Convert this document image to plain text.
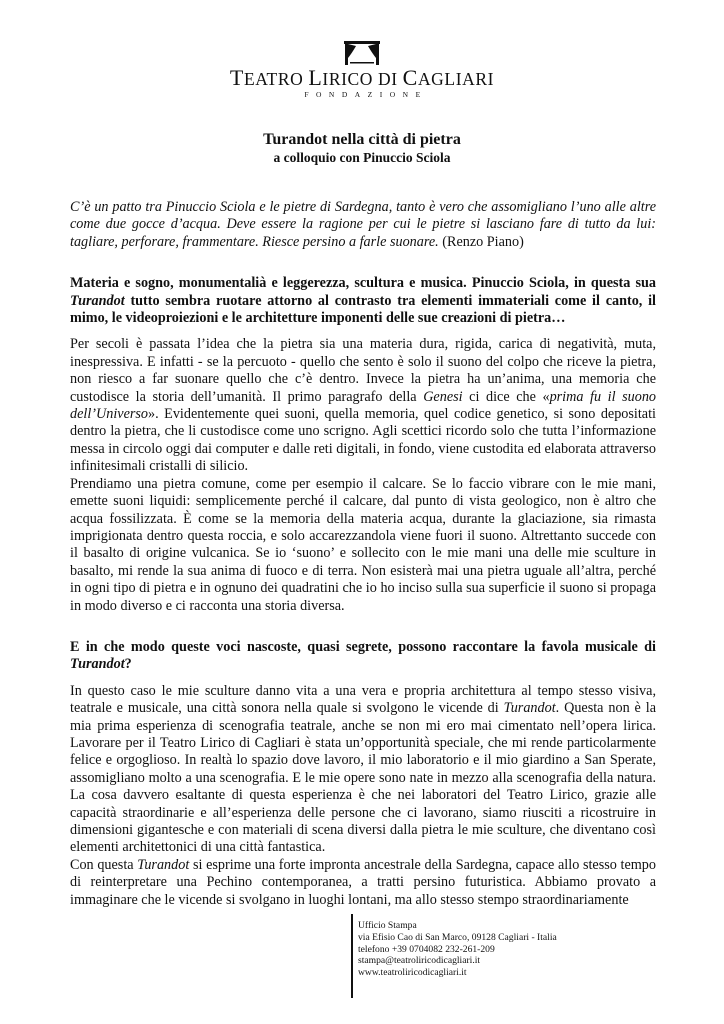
TEATRO LIRICO DI CAGLIARI
FONDAZIONE
Turandot nella città di pietra
a colloquio con Pinuccio Sciola

C’è un patto tra Pinuccio Sciola e le pietre di Sardegna, tanto è vero che assomigliano l’uno alle altre come due gocce d’acqua. Deve essere la ragione per cui le pietre si lasciano fare di tutto da lui: tagliare, perforare, frammentare. Riesce persino a farle suonare. (Renzo Piano)

Materia e sogno, monumentalià e leggerezza, scultura e musica. Pinuccio Sciola, in questa sua Turandot tutto sembra ruotare attorno al contrasto tra elementi immateriali come il canto, il mimo, le videoproiezioni e le architetture imponenti delle sue creazioni di pietra…

Per secoli è passata l’idea che la pietra sia una materia dura, rigida, carica di negatività, muta, inespressiva. E infatti - se la percuoto - quello che sento è solo il suono del colpo che riceve la pietra, non riesco a far suonare quello che c’è dentro. Invece la pietra ha un’anima, una memoria che custodisce la storia dell’umanità. Il primo paragrafo della Genesi ci dice che «prima fu il suono dell’Universo». Evidentemente quei suoni, quella memoria, quel codice genetico, si sono depositati dentro la pietra, che li custodisce come uno scrigno. Agli scettici ricordo solo che tutta l’informazione messa in circolo oggi dai computer e dalle reti digitali, in fondo, viene custodita ed elaborata attraverso infinitesimali cristalli di silicio.

Prendiamo una pietra comune, come per esempio il calcare. Se lo faccio vibrare con le mie mani, emette suoni liquidi: semplicemente perché il calcare, dal punto di vista geologico, non è altro che acqua fossilizzata. È come se la memoria della materia acqua, durante la glaciazione, sia rimasta imprigionata dentro questa roccia, e solo accarezzandola viene fuori il suono. Altrettanto succede con il basalto di origine vulcanica. Se io ‘suono’ e sollecito con le mie mani una delle mie sculture in basalto, mi rende la sua anima di fuoco e di terra. Non esisterà mai una pietra uguale all’altra, perché in ogni tipo di pietra e in ognuno dei quadratini che io ho inciso sulla sua superficie il suono si propaga in modo diverso e ci racconta una storia diversa.

E in che modo queste voci nascoste, quasi segrete, possono raccontare la favola musicale di Turandot?

In questo caso le mie sculture danno vita a una vera e propria architettura al tempo stesso visiva, teatrale e musicale, una città sonora nella quale si svolgono le vicende di Turandot. Questa non è la mia prima esperienza di scenografia teatrale, anche se non mi ero mai cimentato nell’opera lirica. Lavorare per il Teatro Lirico di Cagliari è stata un’opportunità speciale, che mi rende particolarmente felice e orgoglioso. In realtà lo spazio dove lavoro, il mio laboratorio e il mio giardino a San Sperate, assomigliano molto a una scenografia. E le mie opere sono nate in mezzo alla scenografia della natura. La cosa davvero esaltante di questa esperienza è che nei laboratori del Teatro Lirico, grazie alle capacità straordinarie e all’esperienza delle persone che ci lavorano, siamo riusciti a ricostruire in dimensioni gigantesche e con materiali di scena diversi dalla pietra le mie sculture, che diventano così elementi architettonici di una città fantastica.

Con questa Turandot si esprime una forte impronta ancestrale della Sardegna, capace allo stesso tempo di reinterpretare una Pechino contemporanea, a tratti persino futuristica. Abbiamo provato a immaginare che le vicende si svolgano in luoghi lontani, ma allo stesso stempo straordinariamente

Ufficio Stampa
via Efisio Cao di San Marco, 09128 Cagliari - Italia
telefono +39 0704082 232-261-209
stampa@teatroliricodicagliari.it
www.teatroliricodicagliari.it
